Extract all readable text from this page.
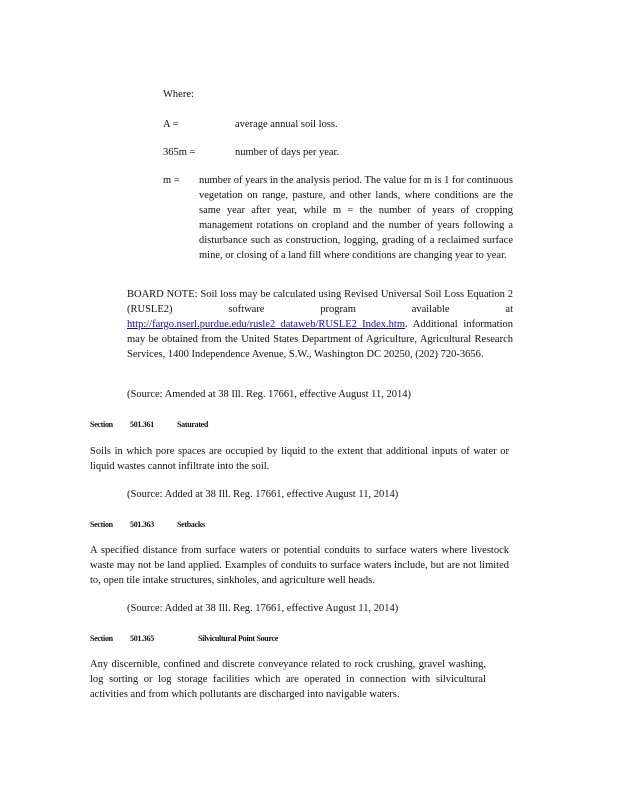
Where:
A =	average annual soil loss.
365m =	number of days per year.
m = number of years in the analysis period. The value for m is 1 for continuous vegetation on range, pasture, and other lands, where conditions are the same year after year, while m = the number of years of cropping management rotations on cropland and the number of years following a disturbance such as construction, logging, grading of a reclaimed surface mine, or closing of a land fill where conditions are changing year to year.
BOARD NOTE: Soil loss may be calculated using Revised Universal Soil Loss Equation 2 (RUSLE2) software program available at http://fargo.nserl.purdue.edu/rusle2_dataweb/RUSLE2_Index.htm. Additional information may be obtained from the United States Department of Agriculture, Agricultural Research Services, 1400 Independence Avenue, S.W., Washington DC 20250, (202) 720-3656.
(Source: Amended at 38 Ill. Reg. 17661, effective August 11, 2014)
Section 501.361	Saturated
Soils in which pore spaces are occupied by liquid to the extent that additional inputs of water or liquid wastes cannot infiltrate into the soil.
(Source: Added at 38 Ill. Reg. 17661, effective August 11, 2014)
Section 501.363	Setbacks
A specified distance from surface waters or potential conduits to surface waters where livestock waste may not be land applied. Examples of conduits to surface waters include, but are not limited to, open tile intake structures, sinkholes, and agriculture well heads.
(Source: Added at 38 Ill. Reg. 17661, effective August 11, 2014)
Section 501.365	Silvicultural Point Source
Any discernible, confined and discrete conveyance related to rock crushing, gravel washing, log sorting or log storage facilities which are operated in connection with silvicultural activities and from which pollutants are discharged into navigable waters.
